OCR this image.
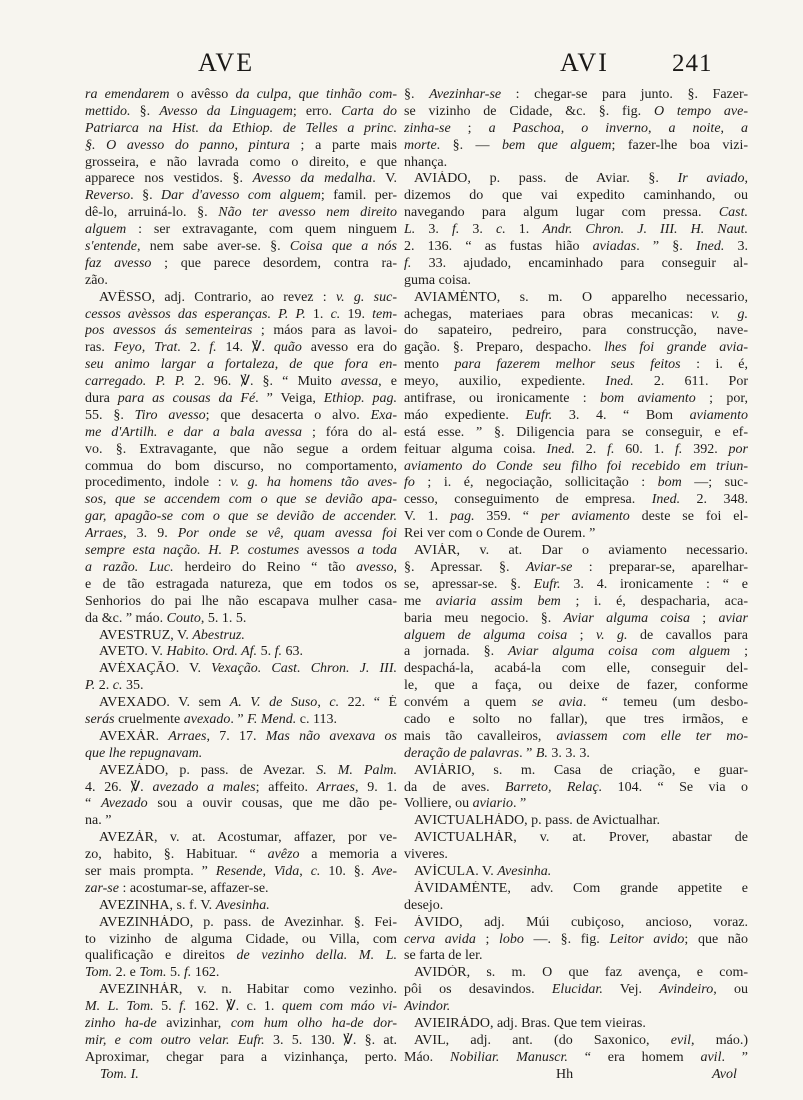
AVE	AVI	241
ra emendarem o avêsso da culpa, que tinhão com-
mettido. §. Avesso da Linguagem; erro. Carta do
Patriarca na Hist. da Ethiop. de Telles a princ.
§. O avesso do panno, pintura ; a parte mais
grosseira, e não lavrada como o direito, e que
apparece nos vestidos. §. Avesso da medalha. V.
Reverso. §. Dar d'avesso com alguem; famil. per-
dê-lo, arruiná-lo. §. Não ter avesso nem direito
alguem : ser extravagante, com quem ninguem
s'entende, nem sabe aver-se. §. Coisa que a nós
faz avesso ; que parece desordem, contra ra-
zão.
AVÊSSO, adj. Contrario, ao revez : v. g. suc-
cessos avèssos das esperanças. P. P. 1. c. 19. tem-
pos avessos ás sementeiras ; máos para as lavoi-
ras. Feyo, Trat. 2. f. 14. ℣. quão avesso era do
seu animo largar a fortaleza, de que fora en-
carregado. P. P. 2. 96. ℣. §. “ Muito avessa, e
dura para as cousas da Fé. ” Veiga, Ethiop. pag.
55. §. Tiro avesso; que desacerta o alvo. Exa-
me d'Artilh. e dar a bala avessa ; fóra do al-
vo. §. Extravagante, que não segue a ordem
commua do bom discurso, no comportamento,
procedimento, indole : v. g. ha homens tão aves-
sos, que se accendem com o que se devião apa-
gar, apagão-se com o que se devião de accender.
Arraes, 3. 9. Por onde se vê, quam avessa foi
sempre esta nação. H. P. costumes avessos a toda
a razão. Luc. herdeiro do Reino “ tão avesso,
e de tão estragada natureza, que em todos os
Senhorios do pai lhe não escapava mulher casa-
da &c. ” máo. Couto, 5. 1. 5.
AVESTRUZ, V. Abestruz.
AVETO. V. Habito. Ord. Af. 5. f. 63.
AVÉXAÇÃO. V. Vexação. Cast. Chron. J. III.
P. 2. c. 35.
AVEXADO. V. sem A. V. de Suso, c. 22. “ É
serás cruelmente avexado. ” F. Mend. c. 113.
AVEXÁR. Arraes, 7. 17. Mas não avexava os
que lhe repugnavam.
AVEZÁDO, p. pass. de Avezar. S. M. Palm.
4. 26. ℣. avezado a males; affeito. Arraes, 9. 1.
“ Avezado sou a ouvir cousas, que me dão pe-
na. ”
AVEZÁR, v. at. Acostumar, affazer, por ve-
zo, habito, §. Habituar. “ avêzo a memoria a
ser mais prompta. ” Resende, Vida, c. 10. §. Ave-
zar-se : acostumar-se, affazer-se.
AVEZINHA, s. f. V. Avesinha.
AVEZINHÁDO, p. pass. de Avezinhar. §. Fei-
to vizinho de alguma Cidade, ou Villa, com
qualificação e direitos de vezinho della. M. L.
Tom. 2. e Tom. 5. f. 162.
AVEZINHÁR, v. n. Habitar como vezinho.
M. L. Tom. 5. f. 162. ℣. c. 1. quem com máo vi-
zinho ha-de avizinhar, com hum olho ha-de dor-
mir, e com outro velar. Eufr. 3. 5. 130. ℣. §. at.
Aproximar, chegar para a vizinhança, perto.
§. Avezinhar-se : chegar-se para junto. §. Fazer-
se vizinho de Cidade, &c. §. fig. O tempo ave-
zinha-se ; a Paschoa, o inverno, a noite, a
morte. §. — bem que alguem; fazer-lhe boa vizi-
nhança.
AVIÁDO, p. pass. de Aviar. §. Ir aviado,
dizemos do que vai expedito caminhando, ou
navegando para algum lugar com pressa. Cast.
L. 3. f. 3. c. 1. Andr. Chron. J. III. H. Naut.
2. 136. “ as fustas hião aviadas. ” §. Ined. 3.
f. 33. ajudado, encaminhado para conseguir al-
guma coisa.
AVIAMÉNTO, s. m. O apparelho necessario,
achegas, materiaes para obras mecanicas: v. g.
do sapateiro, pedreiro, para construcção, nave-
gação. §. Preparo, despacho. lhes foi grande avia-
mento para fazerem melhor seus feitos : i. é,
meyo, auxilio, expediente. Ined. 2. 611. Por
antifrase, ou ironicamente : bom aviamento ; por,
máo expediente. Eufr. 3. 4. “ Bom aviamento
está esse. ” §. Diligencia para se conseguir, e ef-
feituar alguma coisa. Ined. 2. f. 60. 1. f. 392. por
aviamento do Conde seu filho foi recebido em triun-
fo ; i. é, negociação, sollicitação : bom —; suc-
cesso, conseguimento de empresa. Ined. 2. 348.
V. 1. pag. 359. “ per aviamento deste se foi el-
Rei ver com o Conde de Ourem. ”
AVIÁR, v. at. Dar o aviamento necessario.
§. Apressar. §. Aviar-se : preparar-se, aparelhar-
se, apressar-se. §. Eufr. 3. 4. ironicamente : “ e
me aviaria assim bem ; i. é, despacharia, aca-
baria meu negocio. §. Aviar alguma coisa ; aviar
alguem de alguma coisa ; v. g. de cavallos para
a jornada. §. Aviar alguma coisa com alguem ;
despachá-la, acabá-la com elle, conseguir del-
le, que a faça, ou deixe de fazer, conforme
convém a quem se avia. “ temeu (um desbo-
cado e solto no fallar), que tres irmãos, e
mais tão cavalleiros, aviassem com elle ter mo-
deração de palavras. ” B. 3. 3. 3.
AVIÁRIO, s. m. Casa de criação, e guar-
da de aves. Barreto, Relaç. 104. “ Se via o
Volliere, ou aviario. ”
AVICTUALHÁDO, p. pass. de Avictualhar.
AVICTUALHÁR, v. at. Prover, abastar de
viveres.
AVÍCULA. V. Avesinha.
ÁVIDAMÉNTE, adv. Com grande appetite e
desejo.
ÁVIDO, adj. Múi cubiçoso, ancioso, voraz.
cerva avida ; lobo —. §. fig. Leitor avido; que não
se farta de ler.
AVIDÒR, s. m. O que faz avença, e com-
pôi os desavindos. Elucidar. Vej. Avindeiro, ou
Avindor.
AVIEIRÁDO, adj. Bras. Que tem vieiras.
AVIL, adj. ant. (do Saxonico, evil, máo.)
Máo. Nobiliar. Manuscr. “ era homem avil. ”
Tom. I.	Hh	Avol
